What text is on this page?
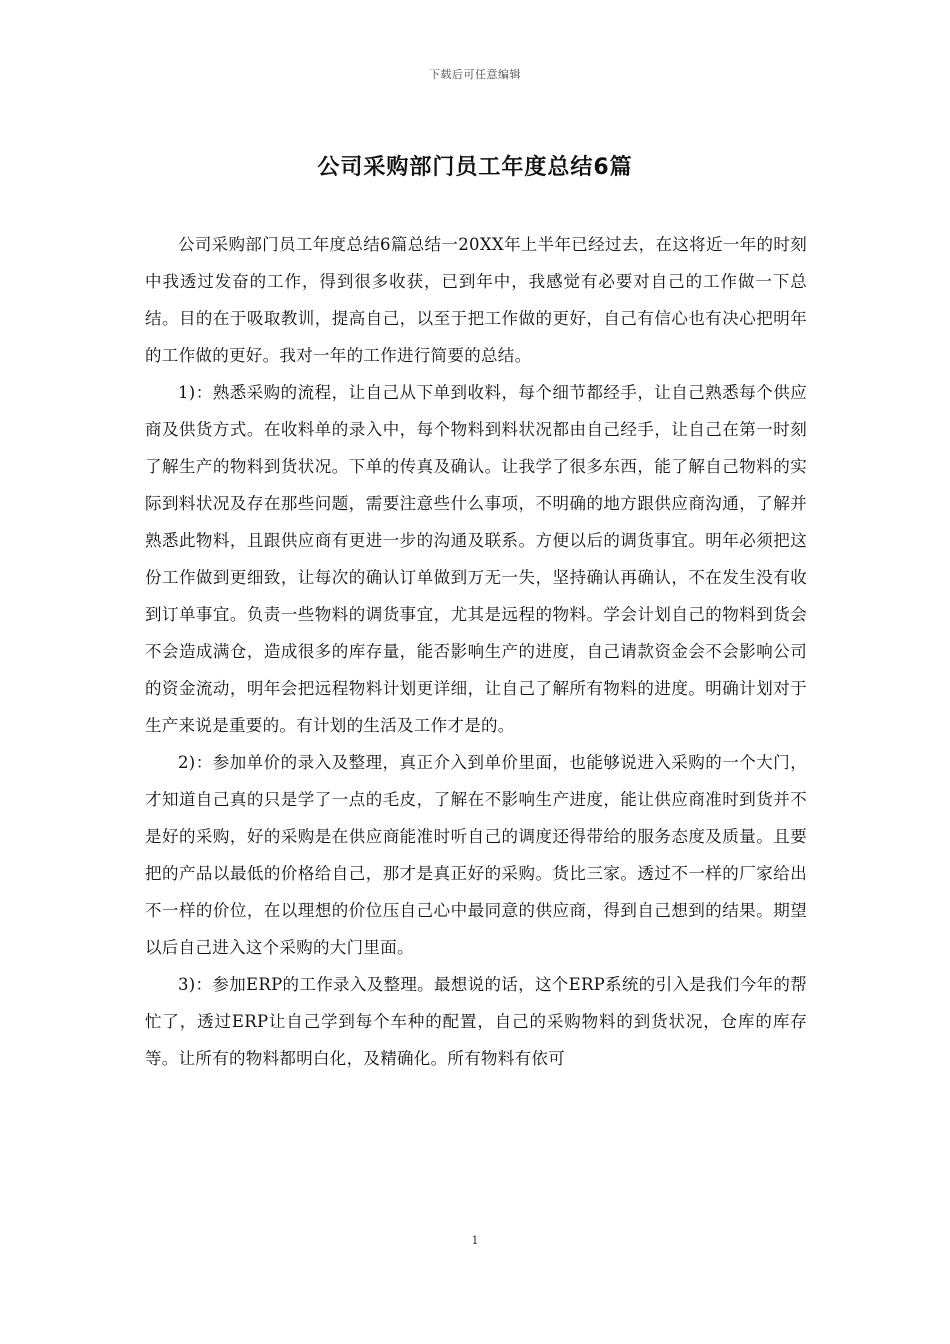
下载后可任意编辑
公司采购部门员工年度总结6篇

公司采购部门员工年度总结6篇总结一20XX年上半年已经过去，在这将近一年的时刻中我透过发奋的工作，得到很多收获，已到年中，我感觉有必要对自己的工作做一下总结。目的在于吸取教训，提高自己，以至于把工作做的更好，自己有信心也有决心把明年的工作做的更好。我对一年的工作进行简要的总结。

1)：熟悉采购的流程，让自己从下单到收料，每个细节都经手，让自己熟悉每个供应商及供货方式。在收料单的录入中，每个物料到料状况都由自己经手，让自己在第一时刻了解生产的物料到货状况。下单的传真及确认。让我学了很多东西，能了解自己物料的实际到料状况及存在那些问题，需要注意些什么事项，不明确的地方跟供应商沟通，了解并熟悉此物料，且跟供应商有更进一步的沟通及联系。方便以后的调货事宜。明年必须把这份工作做到更细致，让每次的确认订单做到万无一失，坚持确认再确认，不在发生没有收到订单事宜。负责一些物料的调货事宜，尤其是远程的物料。学会计划自己的物料到货会不会造成满仓，造成很多的库存量，能否影响生产的进度，自己请款资金会不会影响公司的资金流动，明年会把远程物料计划更详细，让自己了解所有物料的进度。明确计划对于生产来说是重要的。有计划的生活及工作才是的。

2)：参加单价的录入及整理，真正介入到单价里面，也能够说进入采购的一个大门，才知道自己真的只是学了一点的毛皮，了解在不影响生产进度，能让供应商准时到货并不是好的采购，好的采购是在供应商能准时听自己的调度还得带给的服务态度及质量。且要把的产品以最低的价格给自己，那才是真正好的采购。货比三家。透过不一样的厂家给出不一样的价位，在以理想的价位压自己心中最同意的供应商，得到自己想到的结果。期望以后自己进入这个采购的大门里面。

3)：参加ERP的工作录入及整理。最想说的话，这个ERP系统的引入是我们今年的帮忙了，透过ERP让自己学到每个车种的配置，自己的采购物料的到货状况，仓库的库存等。让所有的物料都明白化，及精确化。所有物料有依可

1
